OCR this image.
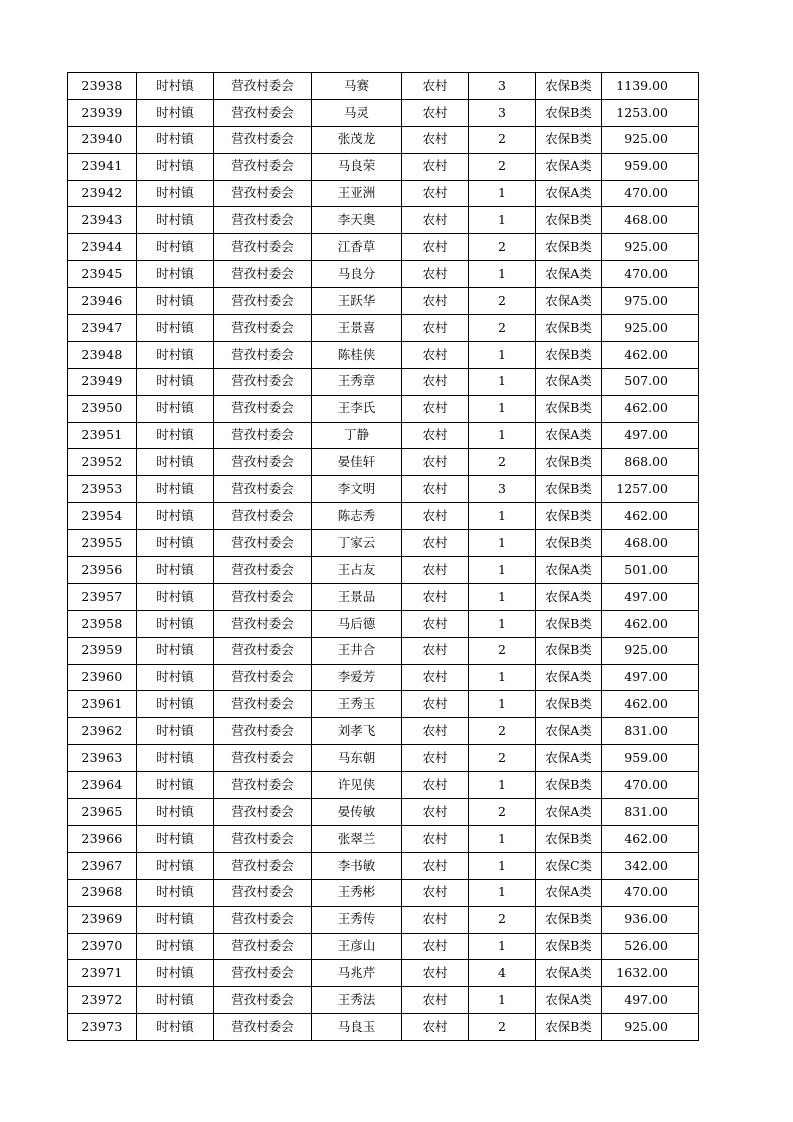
23938	时村镇	营孜村委会	马赛	农村	3	农保B类	1139.00
23939	时村镇	营孜村委会	马灵	农村	3	农保B类	1253.00
23940	时村镇	营孜村委会	张茂龙	农村	2	农保B类	925.00
23941	时村镇	营孜村委会	马良荣	农村	2	农保A类	959.00
23942	时村镇	营孜村委会	王亚洲	农村	1	农保A类	470.00
23943	时村镇	营孜村委会	李天奥	农村	1	农保B类	468.00
23944	时村镇	营孜村委会	江香草	农村	2	农保B类	925.00
23945	时村镇	营孜村委会	马良分	农村	1	农保A类	470.00
23946	时村镇	营孜村委会	王跃华	农村	2	农保A类	975.00
23947	时村镇	营孜村委会	王景喜	农村	2	农保B类	925.00
23948	时村镇	营孜村委会	陈桂侠	农村	1	农保B类	462.00
23949	时村镇	营孜村委会	王秀章	农村	1	农保A类	507.00
23950	时村镇	营孜村委会	王李氏	农村	1	农保B类	462.00
23951	时村镇	营孜村委会	丁静	农村	1	农保A类	497.00
23952	时村镇	营孜村委会	晏佳轩	农村	2	农保B类	868.00
23953	时村镇	营孜村委会	李文明	农村	3	农保B类	1257.00
23954	时村镇	营孜村委会	陈志秀	农村	1	农保B类	462.00
23955	时村镇	营孜村委会	丁家云	农村	1	农保B类	468.00
23956	时村镇	营孜村委会	王占友	农村	1	农保A类	501.00
23957	时村镇	营孜村委会	王景品	农村	1	农保A类	497.00
23958	时村镇	营孜村委会	马后德	农村	1	农保B类	462.00
23959	时村镇	营孜村委会	王井合	农村	2	农保B类	925.00
23960	时村镇	营孜村委会	李爱芳	农村	1	农保A类	497.00
23961	时村镇	营孜村委会	王秀玉	农村	1	农保B类	462.00
23962	时村镇	营孜村委会	刘孝飞	农村	2	农保A类	831.00
23963	时村镇	营孜村委会	马东朝	农村	2	农保A类	959.00
23964	时村镇	营孜村委会	许见侠	农村	1	农保B类	470.00
23965	时村镇	营孜村委会	晏传敏	农村	2	农保A类	831.00
23966	时村镇	营孜村委会	张翠兰	农村	1	农保B类	462.00
23967	时村镇	营孜村委会	李书敏	农村	1	农保C类	342.00
23968	时村镇	营孜村委会	王秀彬	农村	1	农保A类	470.00
23969	时村镇	营孜村委会	王秀传	农村	2	农保B类	936.00
23970	时村镇	营孜村委会	王彦山	农村	1	农保B类	526.00
23971	时村镇	营孜村委会	马兆芹	农村	4	农保A类	1632.00
23972	时村镇	营孜村委会	王秀法	农村	1	农保A类	497.00
23973	时村镇	营孜村委会	马良玉	农村	2	农保B类	925.00
